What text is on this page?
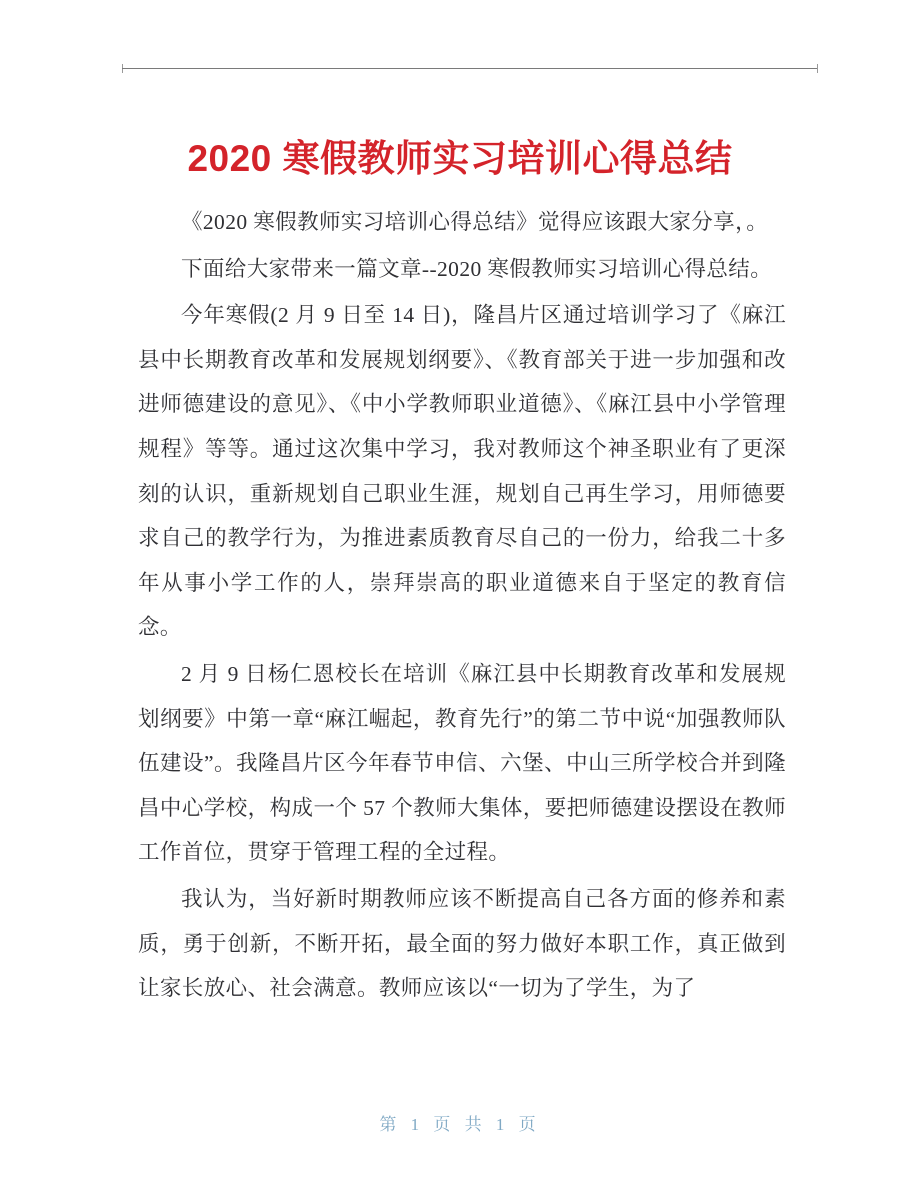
2020 寒假教师实习培训心得总结

《2020 寒假教师实习培训心得总结》觉得应该跟大家分享，。

下面给大家带来一篇文章--2020 寒假教师实习培训心得总结。

今年寒假(2 月 9 日至 14 日)，隆昌片区通过培训学习了《麻江县中长期教育改革和发展规划纲要》、《教育部关于进一步加强和改进师德建设的意见》、《中小学教师职业道德》、《麻江县中小学管理规程》等等。通过这次集中学习，我对教师这个神圣职业有了更深刻的认识，重新规划自己职业生涯，规划自己再生学习，用师德要求自己的教学行为，为推进素质教育尽自己的一份力，给我二十多年从事小学工作的人，崇拜崇高的职业道德来自于坚定的教育信念。

2 月 9 日杨仁恩校长在培训《麻江县中长期教育改革和发展规划纲要》中第一章“麻江崛起，教育先行”的第二节中说“加强教师队伍建设”。我隆昌片区今年春节申信、六堡、中山三所学校合并到隆昌中心学校，构成一个 57 个教师大集体，要把师德建设摆设在教师工作首位，贯穿于管理工程的全过程。

我认为，当好新时期教师应该不断提高自己各方面的修养和素质，勇于创新，不断开拓，最全面的努力做好本职工作，真正做到让家长放心、社会满意。教师应该以“一切为了学生，为了

第 1 页 共 1 页
